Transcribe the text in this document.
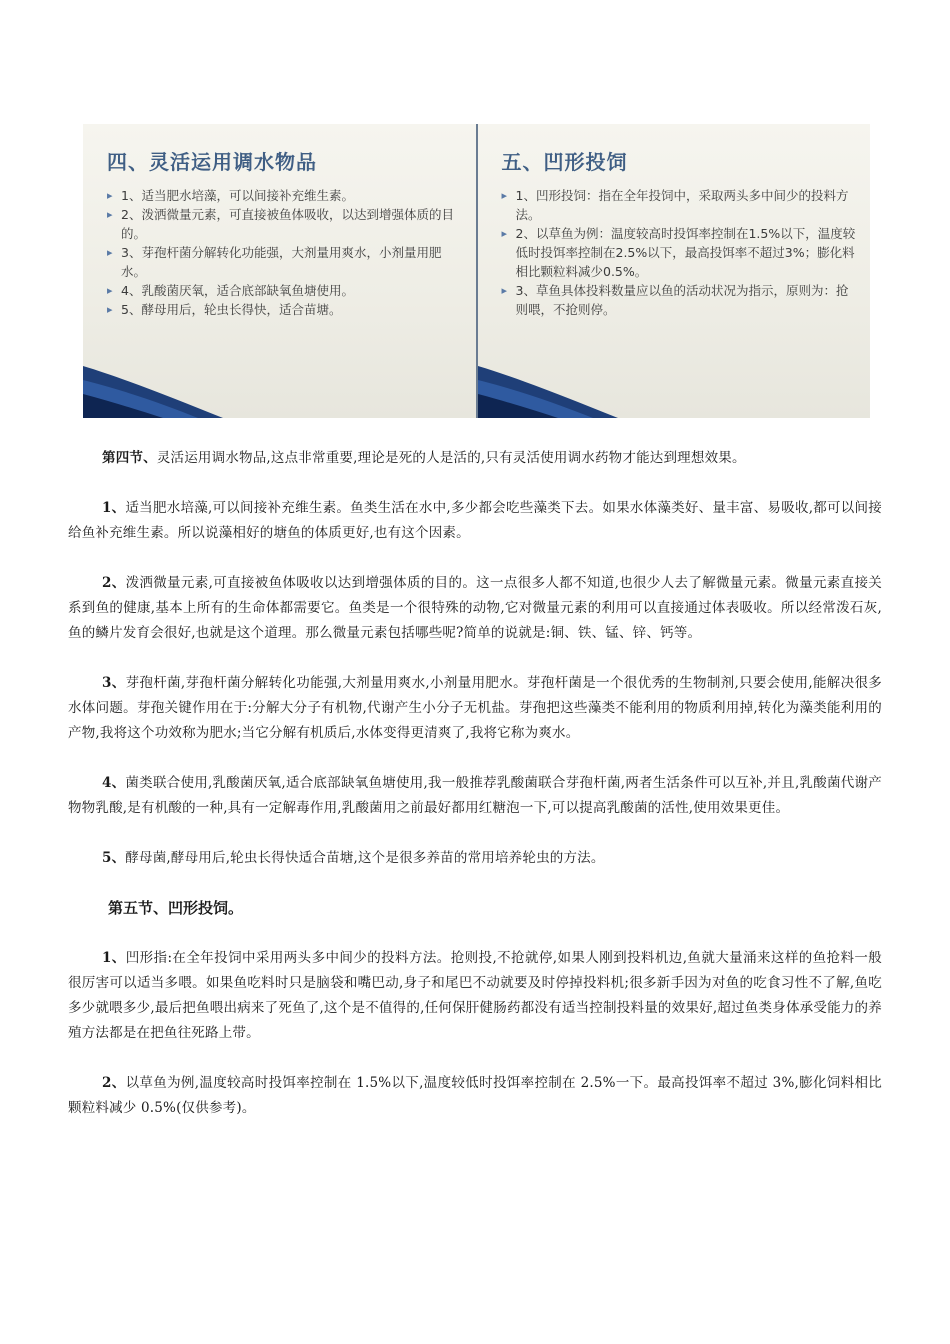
四、灵活运用调水物品
▸ 1、适当肥水培藻，可以间接补充维生素。
▸ 2、泼洒微量元素，可直接被鱼体吸收，以达到增强体质的目的。
▸ 3、芽孢杆菌分解转化功能强，大剂量用爽水，小剂量用肥水。
▸ 4、乳酸菌厌氧，适合底部缺氧鱼塘使用。
▸ 5、酵母用后，轮虫长得快，适合苗塘。
五、凹形投饲
▸ 1、凹形投饲：指在全年投饲中，采取两头多中间少的投料方法。
▸ 2、以草鱼为例：温度较高时投饵率控制在1.5%以下，温度较低时投饵率控制在2.5%以下，最高投饵率不超过3%；膨化料相比颗粒料减少0.5%。
▸ 3、草鱼具体投料数量应以鱼的活动状况为指示，原则为：抢则喂，不抢则停。

第四节、灵活运用调水物品,这点非常重要,理论是死的人是活的,只有灵活使用调水药物才能达到理想效果。

1、适当肥水培藻,可以间接补充维生素。鱼类生活在水中,多少都会吃些藻类下去。如果水体藻类好、量丰富、易吸收,都可以间接给鱼补充维生素。所以说藻相好的塘鱼的体质更好,也有这个因素。

2、泼洒微量元素,可直接被鱼体吸收以达到增强体质的目的。这一点很多人都不知道,也很少人去了解微量元素。微量元素直接关系到鱼的健康,基本上所有的生命体都需要它。鱼类是一个很特殊的动物,它对微量元素的利用可以直接通过体表吸收。所以经常泼石灰,鱼的鳞片发育会很好,也就是这个道理。那么微量元素包括哪些呢?简单的说就是:铜、铁、锰、锌、钙等。

3、芽孢杆菌,芽孢杆菌分解转化功能强,大剂量用爽水,小剂量用肥水。芽孢杆菌是一个很优秀的生物制剂,只要会使用,能解决很多水体问题。芽孢关键作用在于:分解大分子有机物,代谢产生小分子无机盐。芽孢把这些藻类不能利用的物质利用掉,转化为藻类能利用的产物,我将这个功效称为肥水;当它分解有机质后,水体变得更清爽了,我将它称为爽水。

4、菌类联合使用,乳酸菌厌氧,适合底部缺氧鱼塘使用,我一般推荐乳酸菌联合芽孢杆菌,两者生活条件可以互补,并且,乳酸菌代谢产物物乳酸,是有机酸的一种,具有一定解毒作用,乳酸菌用之前最好都用红糖泡一下,可以提高乳酸菌的活性,使用效果更佳。

5、酵母菌,酵母用后,轮虫长得快适合苗塘,这个是很多养苗的常用培养轮虫的方法。

第五节、凹形投饲。

1、凹形指:在全年投饲中采用两头多中间少的投料方法。抢则投,不抢就停,如果人刚到投料机边,鱼就大量涌来这样的鱼抢料一般很厉害可以适当多喂。如果鱼吃料时只是脑袋和嘴巴动,身子和尾巴不动就要及时停掉投料机;很多新手因为对鱼的吃食习性不了解,鱼吃多少就喂多少,最后把鱼喂出病来了死鱼了,这个是不值得的,任何保肝健肠药都没有适当控制投料量的效果好,超过鱼类身体承受能力的养殖方法都是在把鱼往死路上带。

2、以草鱼为例,温度较高时投饵率控制在 1.5%以下,温度较低时投饵率控制在 2.5%一下。最高投饵率不超过 3%,膨化饲料相比颗粒料减少 0.5%(仅供参考)。
